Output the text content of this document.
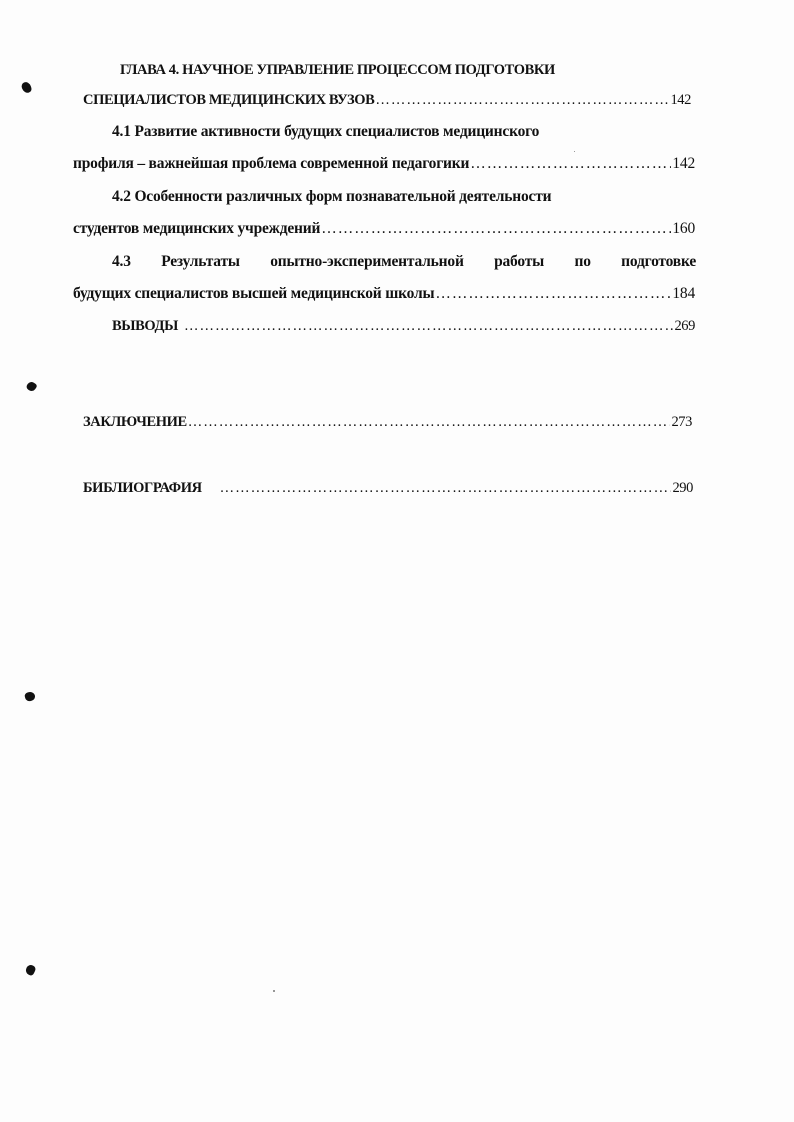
ГЛАВА 4. НАУЧНОЕ УПРАВЛЕНИЕ ПРОЦЕССОМ ПОДГОТОВКИ
СПЕЦИАЛИСТОВ МЕДИЦИНСКИХ ВУЗОВ ………………………………………………………………………………………………………………………………………………………………	142
4.1 Развитие активности будущих специалистов медицинского
профиля – важнейшая проблема современной педагогики ………………………………………………………………………………………………………………………………………………………………	142
4.2 Особенности различных форм познавательной деятельности
студентов медицинских учреждений ………………………………………………………………………………………………………………………………………………………………	160
4.3 Результаты опытно-экспериментальной работы по подготовке
будущих специалистов высшей медицинской школы ………………………………………………………………………………………………………………………………………………………………	184
ВЫВОДЫ ………………………………………………………………………………………………………………………………………………………………	269
ЗАКЛЮЧЕНИЕ ………………………………………………………………………………………………………………………………………………………………	273
БИБЛИОГРАФИЯ ………………………………………………………………………………………………………………………………………………………………	290
